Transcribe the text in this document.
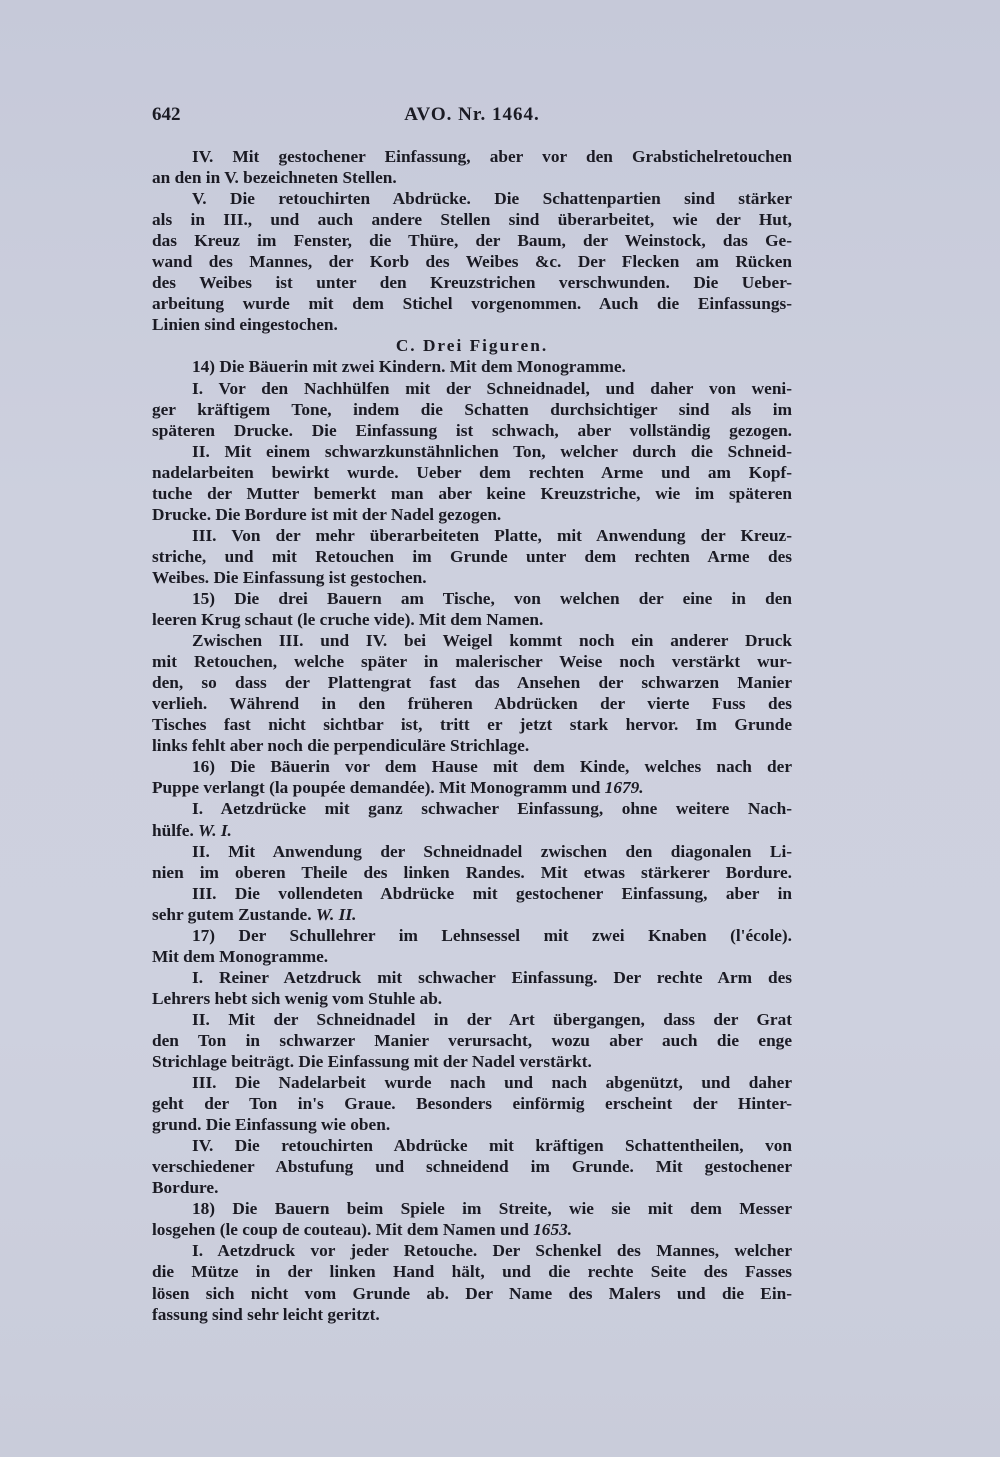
642	AVO. Nr. 1464.
IV. Mit gestochener Einfassung, aber vor den Grabstichelretouchen
an den in V. bezeichneten Stellen.
V. Die retouchirten Abdrücke. Die Schattenpartien sind stärker
als in III., und auch andere Stellen sind überarbeitet, wie der Hut,
das Kreuz im Fenster, die Thüre, der Baum, der Weinstock, das Ge-
wand des Mannes, der Korb des Weibes &c. Der Flecken am Rücken
des Weibes ist unter den Kreuzstrichen verschwunden. Die Ueber-
arbeitung wurde mit dem Stichel vorgenommen. Auch die Einfassungs-
Linien sind eingestochen.
C. Drei Figuren.
14) Die Bäuerin mit zwei Kindern. Mit dem Monogramme.
I. Vor den Nachhülfen mit der Schneidnadel, und daher von weni-
ger kräftigem Tone, indem die Schatten durchsichtiger sind als im
späteren Drucke. Die Einfassung ist schwach, aber vollständig gezogen.
II. Mit einem schwarzkunstähnlichen Ton, welcher durch die Schneid-
nadelarbeiten bewirkt wurde. Ueber dem rechten Arme und am Kopf-
tuche der Mutter bemerkt man aber keine Kreuzstriche, wie im späteren
Drucke. Die Bordure ist mit der Nadel gezogen.
III. Von der mehr überarbeiteten Platte, mit Anwendung der Kreuz-
striche, und mit Retouchen im Grunde unter dem rechten Arme des
Weibes. Die Einfassung ist gestochen.
15) Die drei Bauern am Tische, von welchen der eine in den
leeren Krug schaut (le cruche vide). Mit dem Namen.
Zwischen III. und IV. bei Weigel kommt noch ein anderer Druck
mit Retouchen, welche später in malerischer Weise noch verstärkt wur-
den, so dass der Plattengrat fast das Ansehen der schwarzen Manier
verlieh. Während in den früheren Abdrücken der vierte Fuss des
Tisches fast nicht sichtbar ist, tritt er jetzt stark hervor. Im Grunde
links fehlt aber noch die perpendiculäre Strichlage.
16) Die Bäuerin vor dem Hause mit dem Kinde, welches nach der
Puppe verlangt (la poupée demandée). Mit Monogramm und 1679.
I. Aetzdrücke mit ganz schwacher Einfassung, ohne weitere Nach-
hülfe. W. I.
II. Mit Anwendung der Schneidnadel zwischen den diagonalen Li-
nien im oberen Theile des linken Randes. Mit etwas stärkerer Bordure.
III. Die vollendeten Abdrücke mit gestochener Einfassung, aber in
sehr gutem Zustande. W. II.
17) Der Schullehrer im Lehnsessel mit zwei Knaben (l'école).
Mit dem Monogramme.
I. Reiner Aetzdruck mit schwacher Einfassung. Der rechte Arm des
Lehrers hebt sich wenig vom Stuhle ab.
II. Mit der Schneidnadel in der Art übergangen, dass der Grat
den Ton in schwarzer Manier verursacht, wozu aber auch die enge
Strichlage beiträgt. Die Einfassung mit der Nadel verstärkt.
III. Die Nadelarbeit wurde nach und nach abgenützt, und daher
geht der Ton in's Graue. Besonders einförmig erscheint der Hinter-
grund. Die Einfassung wie oben.
IV. Die retouchirten Abdrücke mit kräftigen Schattentheilen, von
verschiedener Abstufung und schneidend im Grunde. Mit gestochener
Bordure.
18) Die Bauern beim Spiele im Streite, wie sie mit dem Messer
losgehen (le coup de couteau). Mit dem Namen und 1653.
I. Aetzdruck vor jeder Retouche. Der Schenkel des Mannes, welcher
die Mütze in der linken Hand hält, und die rechte Seite des Fasses
lösen sich nicht vom Grunde ab. Der Name des Malers und die Ein-
fassung sind sehr leicht geritzt.
